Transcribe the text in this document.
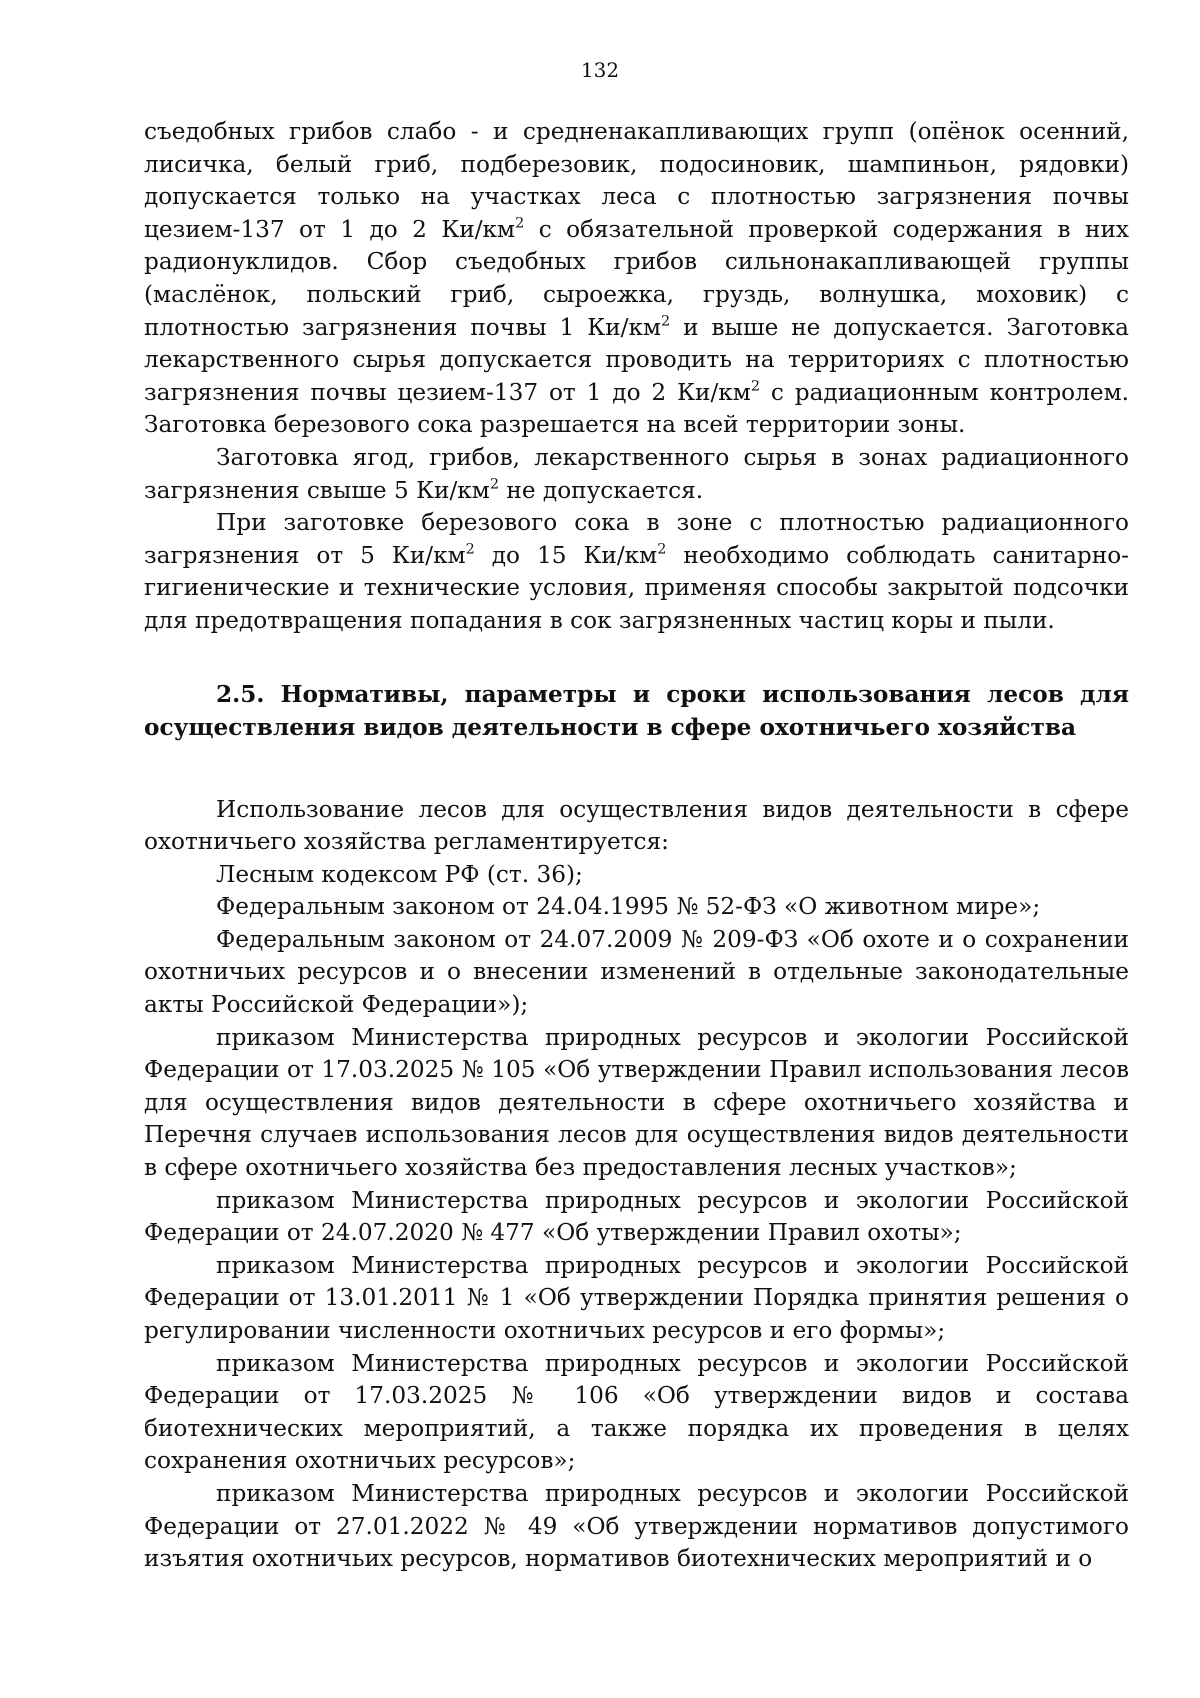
132

съедобных грибов слабо - и средненакапливающих групп (опёнок осенний, лисичка, белый гриб, подберезовик, подосиновик, шампиньон, рядовки) допускается только на участках леса с плотностью загрязнения почвы цезием-137 от 1 до 2 $Ки/км^2$ с обязательной проверкой содержания в них радионуклидов. Сбор съедобных грибов сильнонакапливающей группы (маслёнок, польский гриб, сыроежка, груздь, волнушка, моховик) с плотностью загрязнения почвы 1 $Ки/км^2$ и выше не допускается. Заготовка лекарственного сырья допускается проводить на территориях с плотностью загрязнения почвы цезием-137 от 1 до 2 $Ки/км^2$ с радиационным контролем. Заготовка березового сока разрешается на всей территории зоны.

Заготовка ягод, грибов, лекарственного сырья в зонах радиационного загрязнения свыше 5 $Ки/км^2$ не допускается.

При заготовке березового сока в зоне с плотностью радиационного загрязнения от 5 $Ки/км^2$ до 15 $Ки/км^2$ необходимо соблюдать санитарно-гигиенические и технические условия, применяя способы закрытой подсочки для предотвращения попадания в сок загрязненных частиц коры и пыли.

2.5. Нормативы, параметры и сроки использования лесов для осуществления видов деятельности в сфере охотничьего хозяйства

Использование лесов для осуществления видов деятельности в сфере охотничьего хозяйства регламентируется:

Лесным кодексом РФ (ст. 36);

Федеральным законом от 24.04.1995 № 52-ФЗ «О животном мире»;

Федеральным законом от 24.07.2009 № 209-ФЗ «Об охоте и о сохранении охотничьих ресурсов и о внесении изменений в отдельные законодательные акты Российской Федерации»);

приказом Министерства природных ресурсов и экологии Российской Федерации от 17.03.2025 № 105 «Об утверждении Правил использования лесов для осуществления видов деятельности в сфере охотничьего хозяйства и Перечня случаев использования лесов для осуществления видов деятельности в сфере охотничьего хозяйства без предоставления лесных участков»;

приказом Министерства природных ресурсов и экологии Российской Федерации от 24.07.2020 № 477 «Об утверждении Правил охоты»;

приказом Министерства природных ресурсов и экологии Российской Федерации от 13.01.2011 № 1 «Об утверждении Порядка принятия решения о регулировании численности охотничьих ресурсов и его формы»;

приказом Министерства природных ресурсов и экологии Российской Федерации от 17.03.2025 № 106 «Об утверждении видов и состава биотехнических мероприятий, а также порядка их проведения в целях сохранения охотничьих ресурсов»;

приказом Министерства природных ресурсов и экологии Российской Федерации от 27.01.2022 № 49 «Об утверждении нормативов допустимого изъятия охотничьих ресурсов, нормативов биотехнических мероприятий и о
